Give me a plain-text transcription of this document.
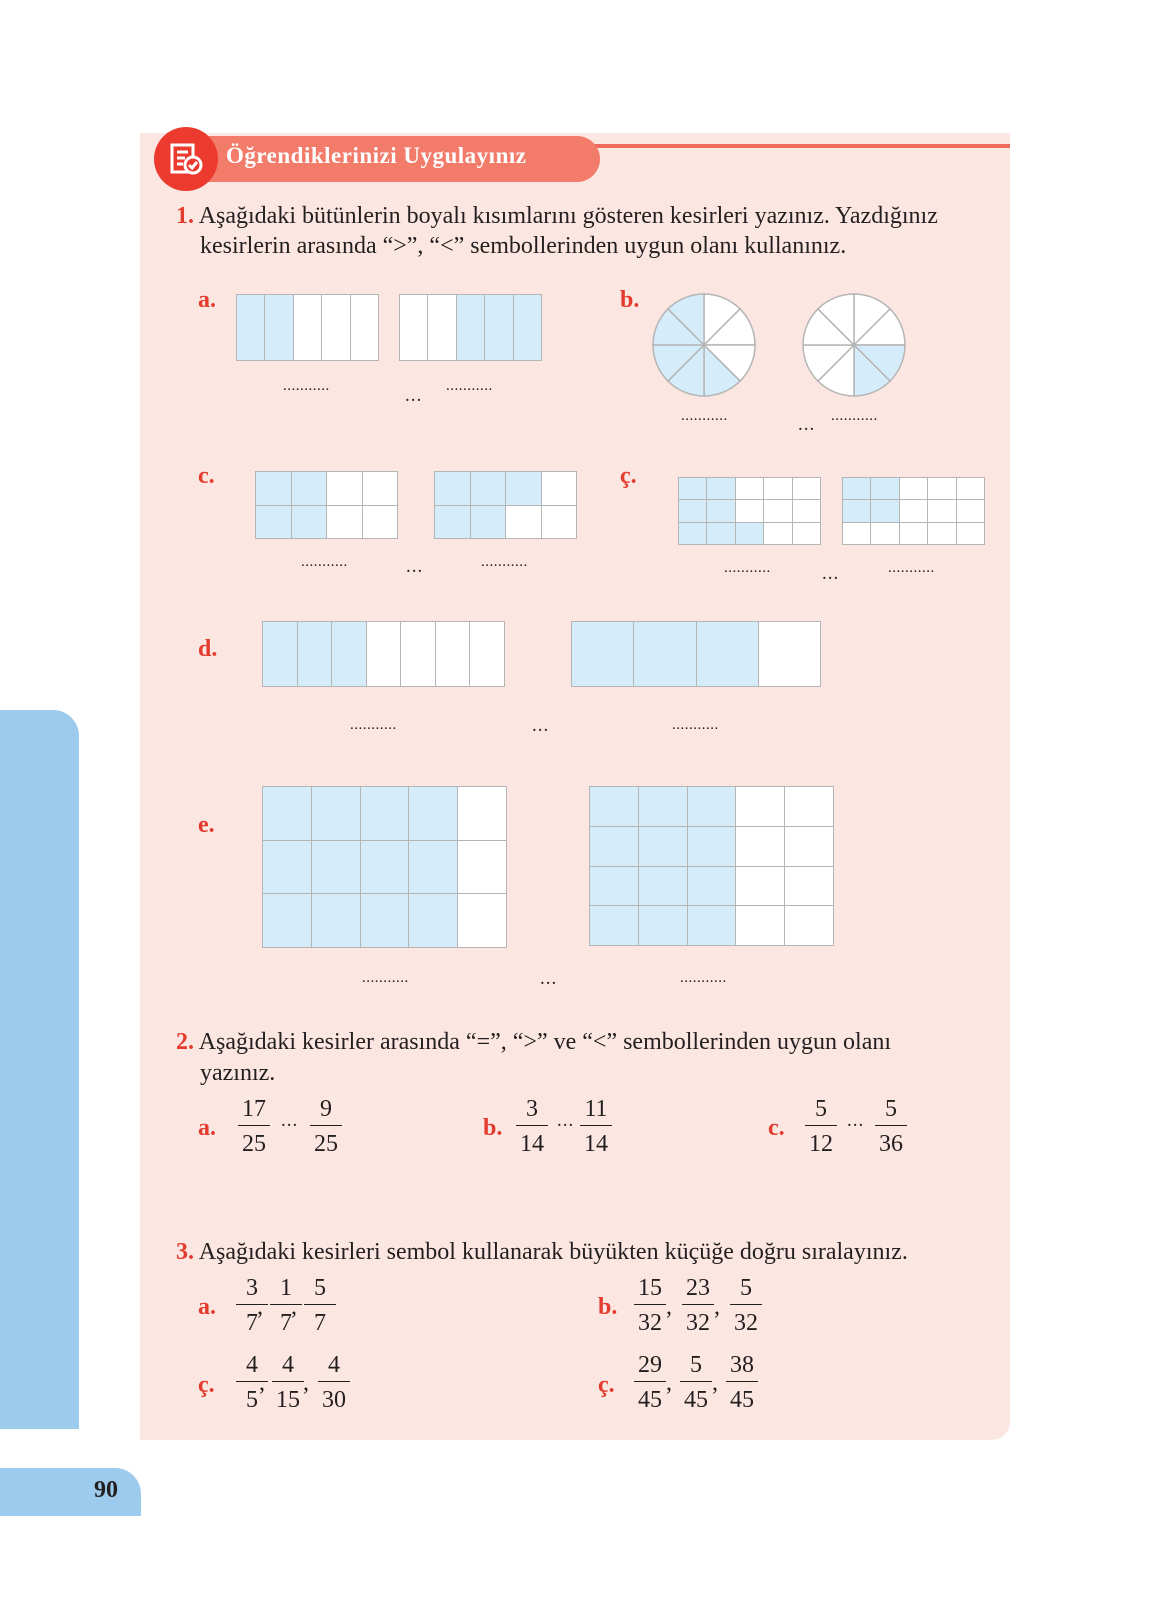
90
Öğrendiklerinizi Uygulayınız
1. Aşağıdaki bütünlerin boyalı kısımlarını gösteren kesirleri yazınız. Yazdığınız
kesirlerin arasında “>”, “<” sembollerinden uygun olanı kullanınız.
a.
...........	... ...........
b.
...........	... ...........
c.
...........	...	...........
ç.
...........	...	...........
d.
...........	...	...........
e.
...........	...	...........
2. Aşağıdaki kesirler arasında “=”, “>” ve “<” sembollerinden uygun olanı
yazınız.
a. $\frac{17}{25}$ ... $\frac{9}{25}$	b. $\frac{3}{14}$ ... $\frac{11}{14}$	c. $\frac{5}{12}$ ... $\frac{5}{36}$
3. Aşağıdaki kesirleri sembol kullanarak büyükten küçüğe doğru sıralayınız.
a. $\frac{3}{7}$
, $\frac{1}{7}$
, $\frac{5}{7}$	b. $\frac{15}{32}$ , $\frac{23}{32}$ , $\frac{5}{32}$
ç. $\frac{4}{5}$
, $\frac{4}{15}$ , $\frac{4}{30}$	ç. $\frac{29}{45}$ , $\frac{5}{45}$ , $\frac{38}{45}$
